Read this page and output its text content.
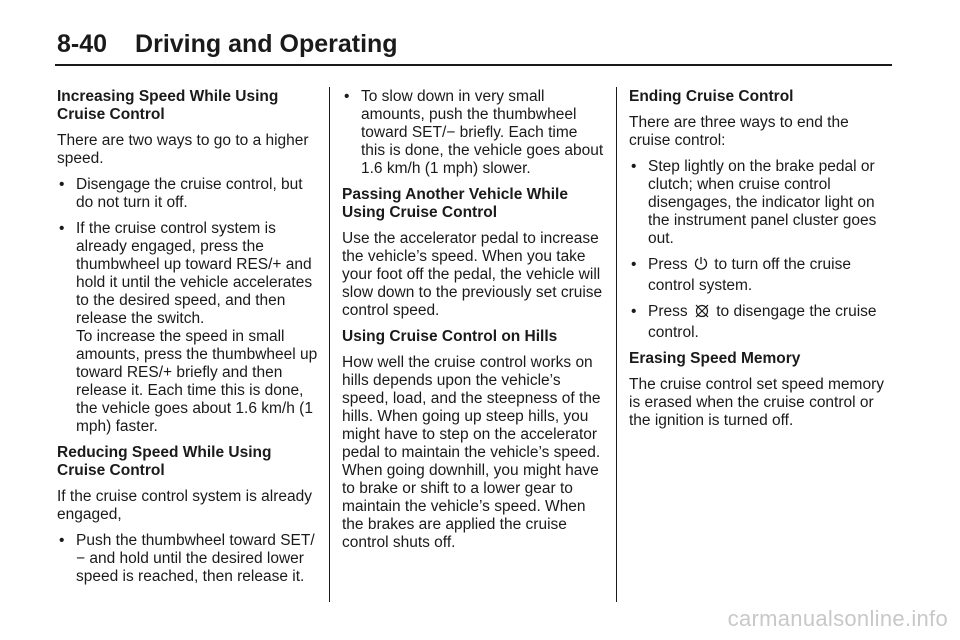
8-40 Driving and Operating
Increasing Speed While Using Cruise Control

There are two ways to go to a higher speed.

• Disengage the cruise control, but do not turn it off.
• If the cruise control system is already engaged, press the thumbwheel up toward RES/+ and hold it until the vehicle accelerates to the desired speed, and then release the switch.
To increase the speed in small amounts, press the thumbwheel up toward RES/+ briefly and then release it. Each time this is done, the vehicle goes about 1.6 km/h (1 mph) faster.
Reducing Speed While Using Cruise Control

If the cruise control system is already engaged,

• Push the thumbwheel toward SET/− and hold until the desired lower speed is reached, then release it.
• To slow down in very small amounts, push the thumbwheel toward SET/− briefly. Each time this is done, the vehicle goes about 1.6 km/h (1 mph) slower.
Passing Another Vehicle While Using Cruise Control

Use the accelerator pedal to increase the vehicle’s speed. When you take your foot off the pedal, the vehicle will slow down to the previously set cruise control speed.

Using Cruise Control on Hills

How well the cruise control works on hills depends upon the vehicle’s speed, load, and the steepness of the hills. When going up steep hills, you might have to step on the accelerator pedal to maintain the vehicle’s speed. When going downhill, you might have to brake or shift to a lower gear to maintain the vehicle’s speed. When the brakes are applied the cruise control shuts off.

Ending Cruise Control

There are three ways to end the cruise control:

• Step lightly on the brake pedal or clutch; when cruise control disengages, the indicator light on the instrument panel cluster goes out.
• Press to turn off the cruise control system.
• Press to disengage the cruise control.
Erasing Speed Memory

The cruise control set speed memory is erased when the cruise control or the ignition is turned off.

carmanualsonline.info
